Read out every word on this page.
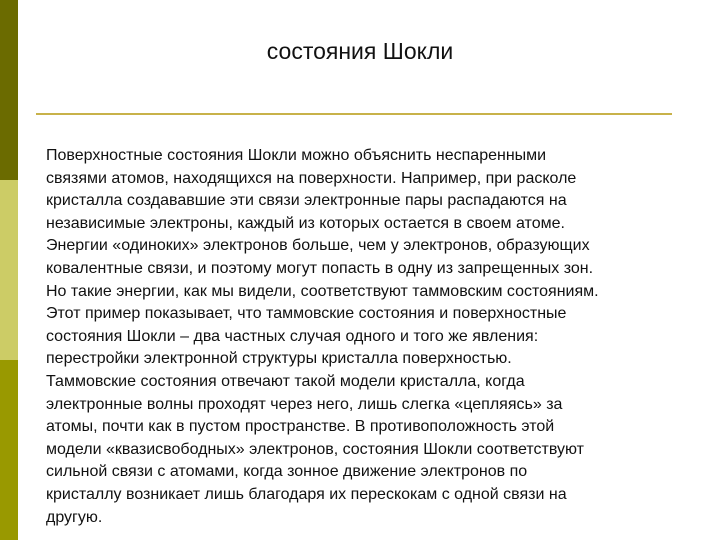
состояния Шокли
Поверхностные состояния Шокли можно объяснить неспаренными
связями атомов, находящихся на поверхности. Например, при расколе
кристалла создававшие эти связи электронные пары распадаются на
независимые электроны, каждый из которых остается в своем атоме.
Энергии «одиноких» электронов больше, чем у электронов, образующих
ковалентные связи, и поэтому могут попасть в одну из запрещенных зон.
Но такие энергии, как мы видели, соответствуют таммовским состояниям.
Этот пример показывает, что таммовские состояния и поверхностные
состояния Шокли – два частных случая одного и того же явления:
перестройки электронной структуры кристалла поверхностью.
Таммовские состояния отвечают такой модели кристалла, когда
электронные волны проходят через него, лишь слегка «цепляясь» за
атомы, почти как в пустом пространстве. В противоположность этой
модели «квазисвободных» электронов, состояния Шокли соответствуют
сильной связи с атомами, когда зонное движение электронов по
кристаллу возникает лишь благодаря их перескокам с одной связи на
другую.
